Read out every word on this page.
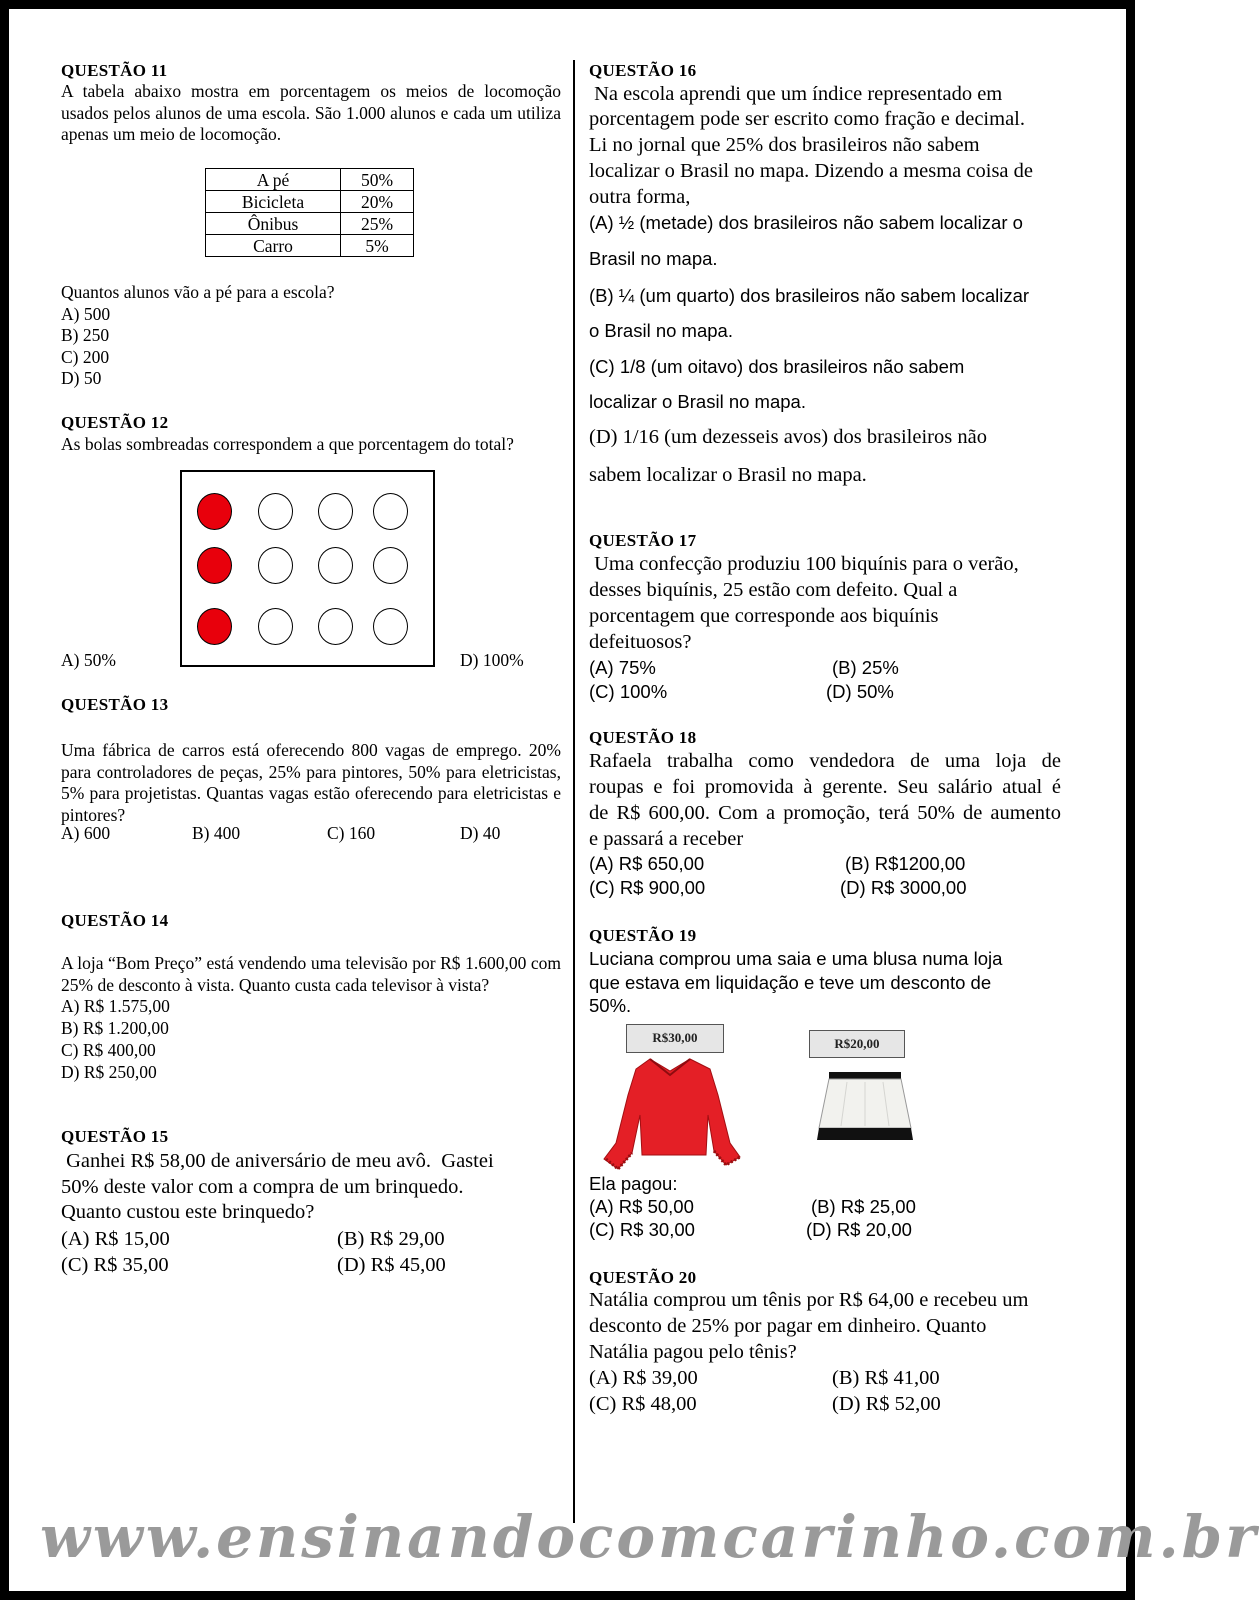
QUESTÃO 11
A tabela abaixo mostra em porcentagem os meios de locomoção usados pelos alunos de uma escola. São 1.000 alunos e cada um utiliza apenas um meio de locomoção.
A pé	50%
Bicicleta	20%
Ônibus	25%
Carro	5%
Quantos alunos vão a pé para a escola?
A) 500
B) 250
C) 200
D) 50
QUESTÃO 12
As bolas sombreadas correspondem a que porcentagem do total?
A) 50%	D) 100%
QUESTÃO 13
Uma fábrica de carros está oferecendo 800 vagas de emprego. 20% para controladores de peças, 25% para pintores, 50% para eletricistas, 5% para projetistas. Quantas vagas estão oferecendo para eletricistas e pintores?
A) 600	B) 400	C) 160	D) 40
QUESTÃO 14
A loja “Bom Preço” está vendendo uma televisão por R$ 1.600,00 com 25% de desconto à vista. Quanto custa cada televisor à vista?
A) R$ 1.575,00
B) R$ 1.200,00
C) R$ 400,00
D) R$ 250,00
QUESTÃO 15
Ganhei R$ 58,00 de aniversário de meu avô.  Gastei
50% deste valor com a compra de um brinquedo.
Quanto custou este brinquedo?
(A) R$ 15,00	(B) R$ 29,00
(C) R$ 35,00	(D) R$ 45,00
QUESTÃO 16
Na escola aprendi que um índice representado em
porcentagem pode ser escrito como fração e decimal.
Li no jornal que 25% dos brasileiros não sabem
localizar o Brasil no mapa. Dizendo a mesma coisa de
outra forma,
(A) ½ (metade) dos brasileiros não sabem localizar o
Brasil no mapa.
(B) ¼ (um quarto) dos brasileiros não sabem localizar
o Brasil no mapa.
(C) 1/8 (um oitavo) dos brasileiros não sabem
localizar o Brasil no mapa.
(D) 1/16 (um dezesseis avos) dos brasileiros não
sabem localizar o Brasil no mapa.
QUESTÃO 17
Uma confecção produziu 100 biquínis para o verão,
desses biquínis, 25 estão com defeito. Qual a
porcentagem que corresponde aos biquínis
defeituosos?
(A) 75%	(B) 25%
(C) 100%	(D) 50%
QUESTÃO 18
Rafaela trabalha como vendedora de uma loja de
roupas e foi promovida à gerente. Seu salário atual é
de R$ 600,00. Com a promoção, terá 50% de aumento
e passará a receber
(A) R$ 650,00	(B) R$1200,00
(C) R$ 900,00	(D) R$ 3000,00
QUESTÃO 19
Luciana comprou uma saia e uma blusa numa loja
que estava em liquidação e teve um desconto de
50%.
R$30,00	R$20,00
Ela pagou:
(A) R$ 50,00	(B) R$ 25,00
(C) R$ 30,00	(D) R$ 20,00
QUESTÃO 20
Natália comprou um tênis por R$ 64,00 e recebeu um
desconto de 25% por pagar em dinheiro. Quanto
Natália pagou pelo tênis?
(A) R$ 39,00	(B) R$ 41,00
(C) R$ 48,00	(D) R$ 52,00
www.ensinandocomcarinho.com.br
